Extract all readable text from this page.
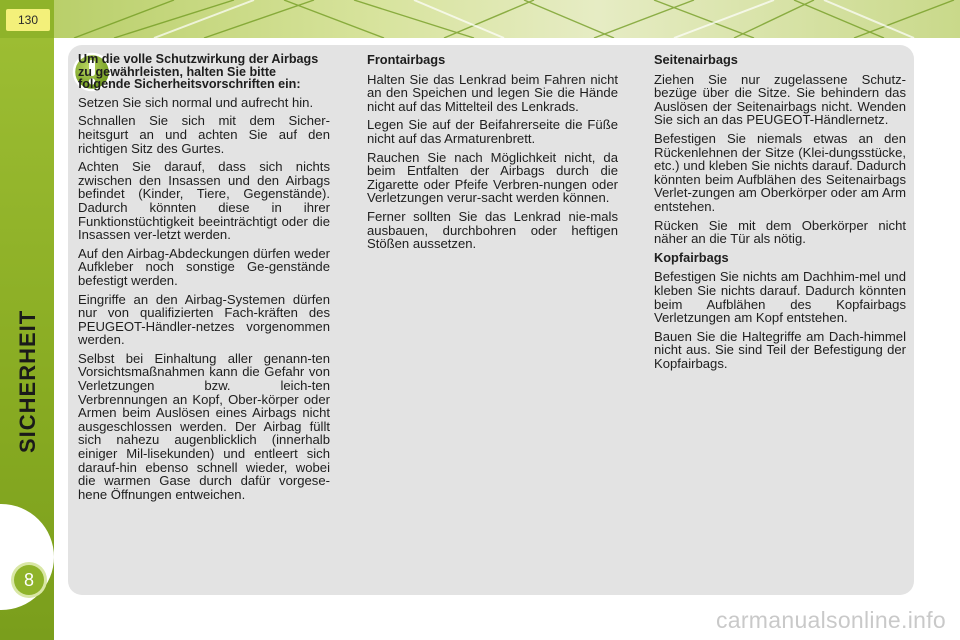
130
8

Um die volle Schutzwirkung der Airbags zu gewährleisten, halten Sie bitte folgende Sicherheitsvorschriften ein:

Setzen Sie sich normal und aufrecht hin.

Schnallen Sie sich mit dem Sicher-heitsgurt an und achten Sie auf den richtigen Sitz des Gurtes.

Achten Sie darauf, dass sich nichts zwischen den Insassen und den Airbags befindet (Kinder, Tiere, Gegenstände). Dadurch könnten diese in ihrer Funktionstüchtigkeit beeinträchtigt oder die Insassen ver-letzt werden.

Auf den Airbag-Abdeckungen dürfen weder Aufkleber noch sonstige Ge-genstände befestigt werden.

Eingriffe an den Airbag-Systemen dürfen nur von qualifizierten Fach-kräften des PEUGEOT-Händler-netzes vorgenommen werden.

Selbst bei Einhaltung aller genann-ten Vorsichtsmaßnahmen kann die Gefahr von Verletzungen bzw. leich-ten Verbrennungen an Kopf, Ober-körper oder Armen beim Auslösen eines Airbags nicht ausgeschlossen werden. Der Airbag füllt sich nahezu augenblicklich (innerhalb einiger Mil-lisekunden) und entleert sich darauf-hin ebenso schnell wieder, wobei die warmen Gase durch dafür vorgese-hene Öffnungen entweichen.

Frontairbags

Halten Sie das Lenkrad beim Fahren nicht an den Speichen und legen Sie die Hände nicht auf das Mittelteil des Lenkrads.

Legen Sie auf der Beifahrerseite die Füße nicht auf das Armaturenbrett.

Rauchen Sie nach Möglichkeit nicht, da beim Entfalten der Airbags durch die Zigarette oder Pfeife Verbren-nungen oder Verletzungen verur-sacht werden können.

Ferner sollten Sie das Lenkrad nie-mals ausbauen, durchbohren oder heftigen Stößen aussetzen.

Seitenairbags

Ziehen Sie nur zugelassene Schutz-bezüge über die Sitze. Sie behindern das Auslösen der Seitenairbags nicht. Wenden Sie sich an das PEUGEOT-Händlernetz.

Befestigen Sie niemals etwas an den Rückenlehnen der Sitze (Klei-dungsstücke, etc.) und kleben Sie nichts darauf. Dadurch könnten beim Aufblähen des Seitenairbags Verlet-zungen am Oberkörper oder am Arm entstehen.

Rücken Sie mit dem Oberkörper nicht näher an die Tür als nötig.

Kopfairbags

Befestigen Sie nichts am Dachhim-mel und kleben Sie nichts darauf. Dadurch könnten beim Aufblähen des Kopfairbags Verletzungen am Kopf entstehen.

Bauen Sie die Haltegriffe am Dach-himmel nicht aus. Sie sind Teil der Befestigung der Kopfairbags.

carmanualsonline.info
